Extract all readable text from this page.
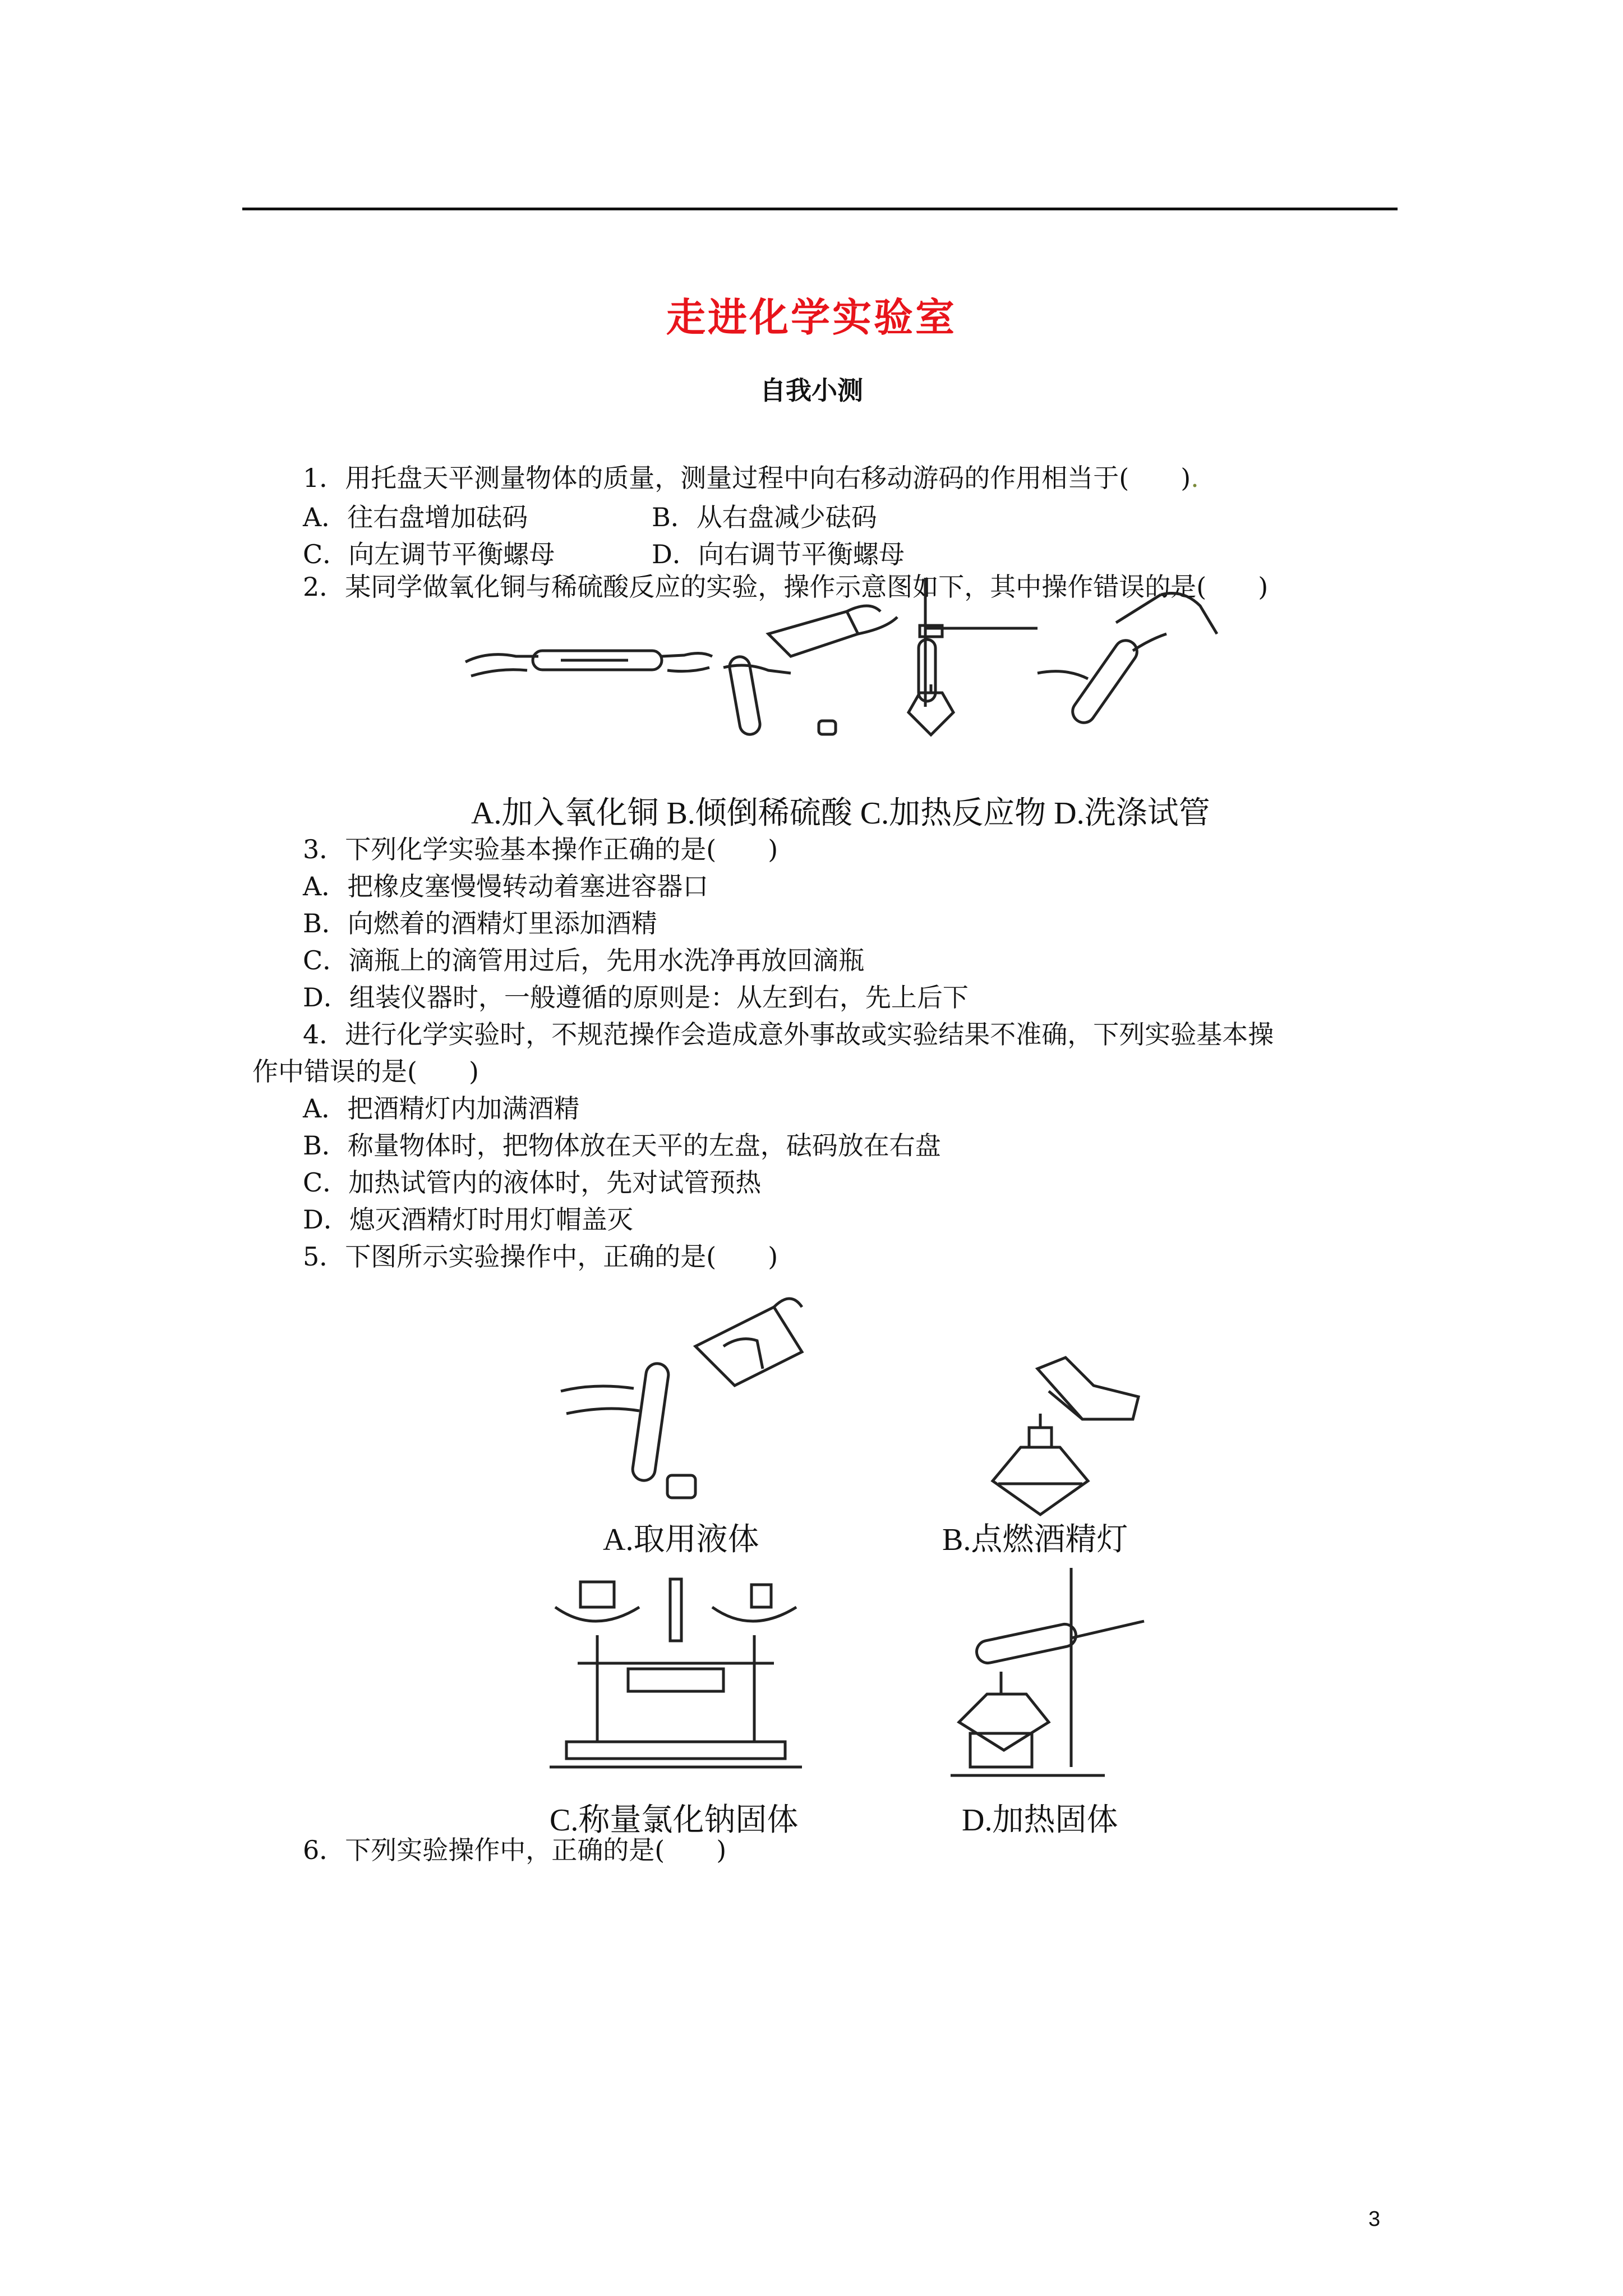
走进化学实验室
自我小测
1．用托盘天平测量物体的质量，测量过程中向右移动游码的作用相当于(　　).
A．往右盘增加砝码	B．从右盘减少砝码
C．向左调节平衡螺母	D．向右调节平衡螺母
2．某同学做氧化铜与稀硫酸反应的实验，操作示意图如下，其中操作错误的是(　　)
A.加入氧化铜 B.倾倒稀硫酸 C.加热反应物 D.洗涤试管
3．下列化学实验基本操作正确的是(　　)
A．把橡皮塞慢慢转动着塞进容器口
B．向燃着的酒精灯里添加酒精
C．滴瓶上的滴管用过后，先用水洗净再放回滴瓶
D．组装仪器时，一般遵循的原则是：从左到右，先上后下
4．进行化学实验时，不规范操作会造成意外事故或实验结果不准确，下列实验基本操
作中错误的是(　　)
A．把酒精灯内加满酒精
B．称量物体时，把物体放在天平的左盘，砝码放在右盘
C．加热试管内的液体时，先对试管预热
D．熄灭酒精灯时用灯帽盖灭
5．下图所示实验操作中，正确的是(　　)
A.取用液体	B.点燃酒精灯
C.称量氯化钠固体	D.加热固体
6．下列实验操作中，正确的是(　　)
3
